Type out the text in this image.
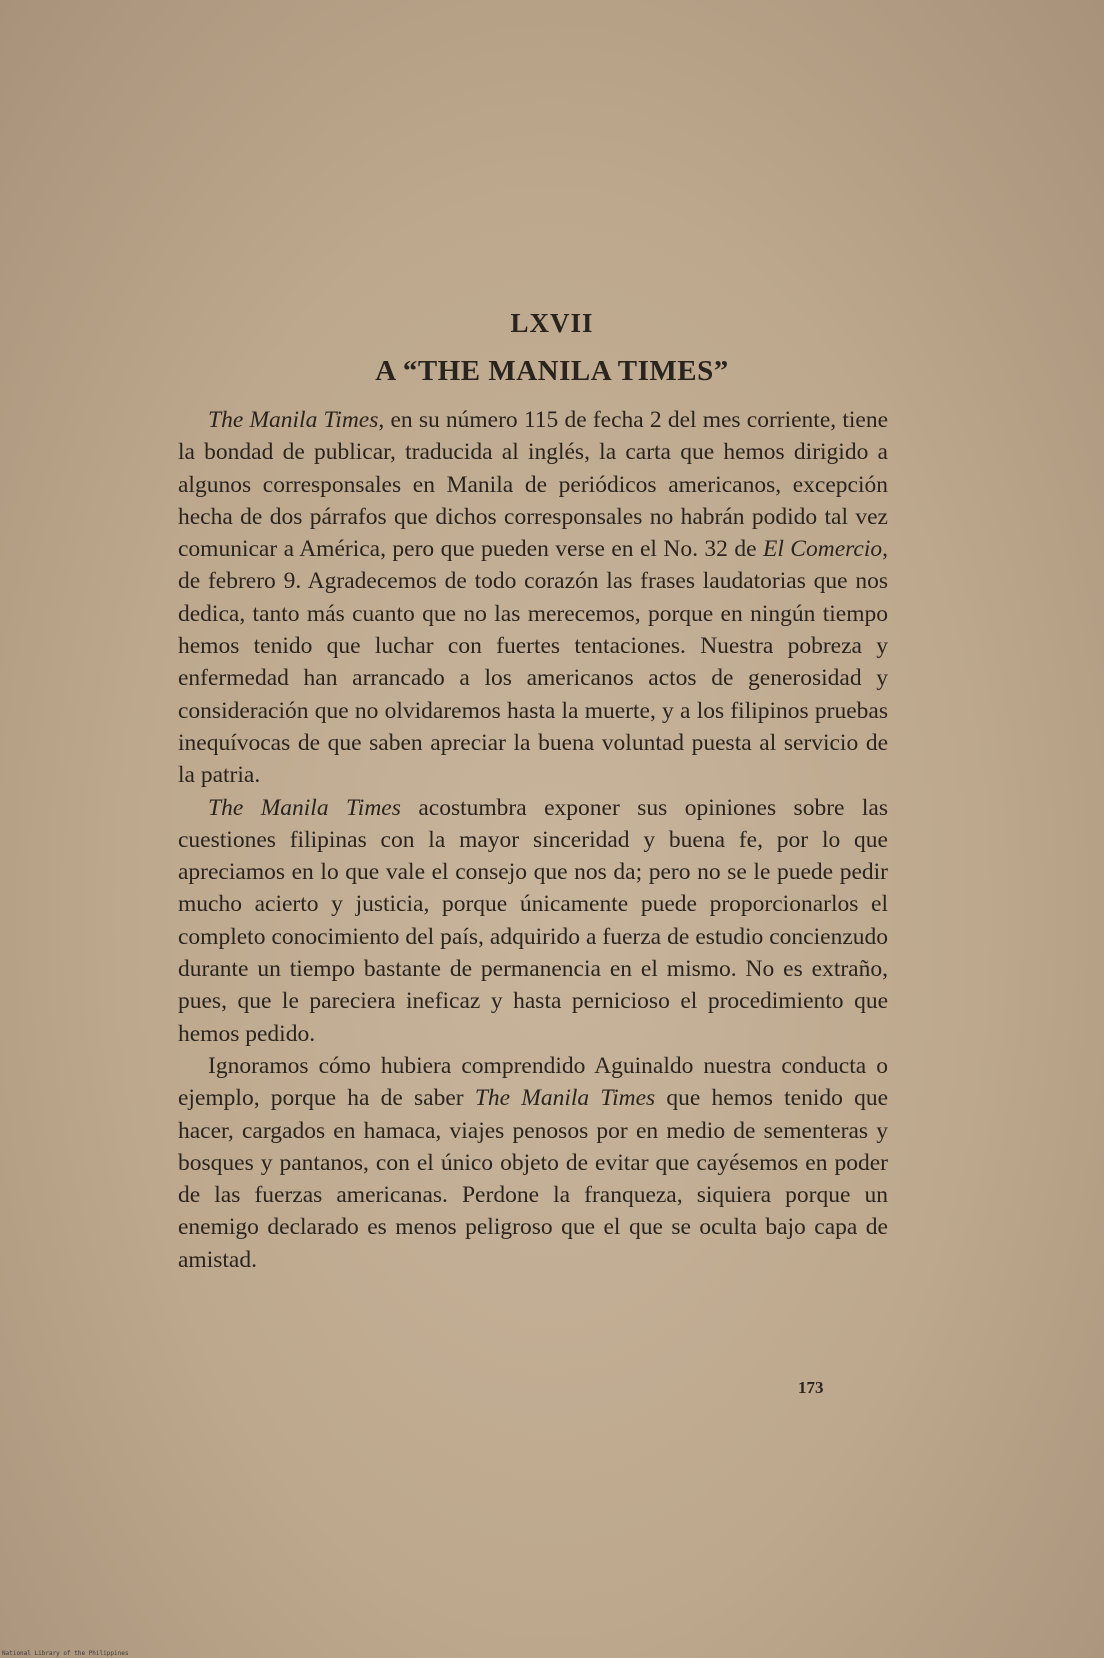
LXVII
A “THE MANILA TIMES”

The Manila Times, en su número 115 de fecha 2 del mes corriente, tiene la bondad de publicar, traducida al inglés, la carta que hemos dirigido a algunos corresponsales en Manila de periódicos americanos, excepción hecha de dos párrafos que dichos corresponsales no habrán podido tal vez comunicar a América, pero que pueden verse en el No. 32 de El Comercio, de febrero 9. Agradecemos de todo corazón las frases laudatorias que nos dedica, tanto más cuanto que no las merecemos, porque en ningún tiempo hemos tenido que luchar con fuertes tentaciones. Nuestra pobreza y enfermedad han arrancado a los americanos actos de generosidad y consideración que no olvidaremos hasta la muerte, y a los filipinos pruebas inequívocas de que saben apreciar la buena voluntad puesta al servicio de la patria.

The Manila Times acostumbra exponer sus opiniones sobre las cuestiones filipinas con la mayor sinceridad y buena fe, por lo que apreciamos en lo que vale el consejo que nos da; pero no se le puede pedir mucho acierto y justicia, porque únicamente puede proporcionarlos el completo conocimiento del país, adquirido a fuerza de estudio concienzudo durante un tiempo bastante de permanencia en el mismo. No es extraño, pues, que le pareciera ineficaz y hasta pernicioso el procedimiento que hemos pedido.

Ignoramos cómo hubiera comprendido Aguinaldo nuestra conducta o ejemplo, porque ha de saber The Manila Times que hemos tenido que hacer, cargados en hamaca, viajes penosos por en medio de sementeras y bosques y pantanos, con el único objeto de evitar que cayésemos en poder de las fuerzas americanas. Perdone la franqueza, siquiera porque un enemigo declarado es menos peligroso que el que se oculta bajo capa de amistad.

173
National Library of the Philippines
